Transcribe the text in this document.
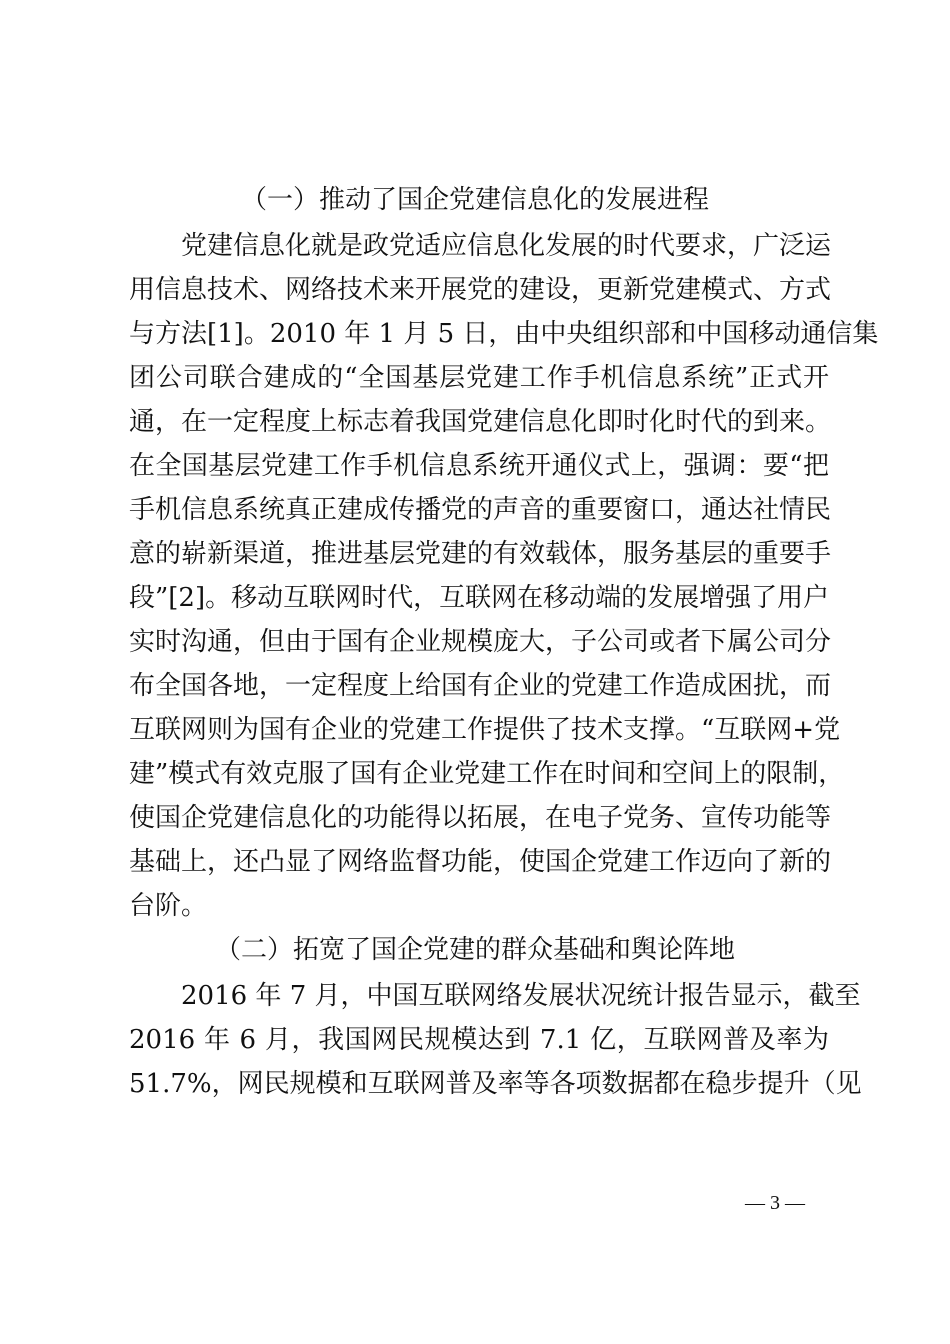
（一）推动了国企党建信息化的发展进程
党建信息化就是政党适应信息化发展的时代要求，广泛运
用信息技术、网络技术来开展党的建设，更新党建模式、方式
与方法[1]。2010 年 1 月 5 日，由中央组织部和中国移动通信集
团公司联合建成的“全国基层党建工作手机信息系统”正式开
通，在一定程度上标志着我国党建信息化即时化时代的到来。
在全国基层党建工作手机信息系统开通仪式上，强调：要“把
手机信息系统真正建成传播党的声音的重要窗口，通达社情民
意的崭新渠道，推进基层党建的有效载体，服务基层的重要手
段”[2]。移动互联网时代，互联网在移动端的发展增强了用户
实时沟通，但由于国有企业规模庞大，子公司或者下属公司分
布全国各地，一定程度上给国有企业的党建工作造成困扰，而
互联网则为国有企业的党建工作提供了技术支撑。“互联网+党
建”模式有效克服了国有企业党建工作在时间和空间上的限制，
使国企党建信息化的功能得以拓展，在电子党务、宣传功能等
基础上，还凸显了网络监督功能，使国企党建工作迈向了新的
台阶。
（二）拓宽了国企党建的群众基础和舆论阵地
2016 年 7 月，中国互联网络发展状况统计报告显示，截至
2016 年 6 月，我国网民规模达到 7.1 亿，互联网普及率为
51.7%，网民规模和互联网普及率等各项数据都在稳步提升（见
— 3 —
